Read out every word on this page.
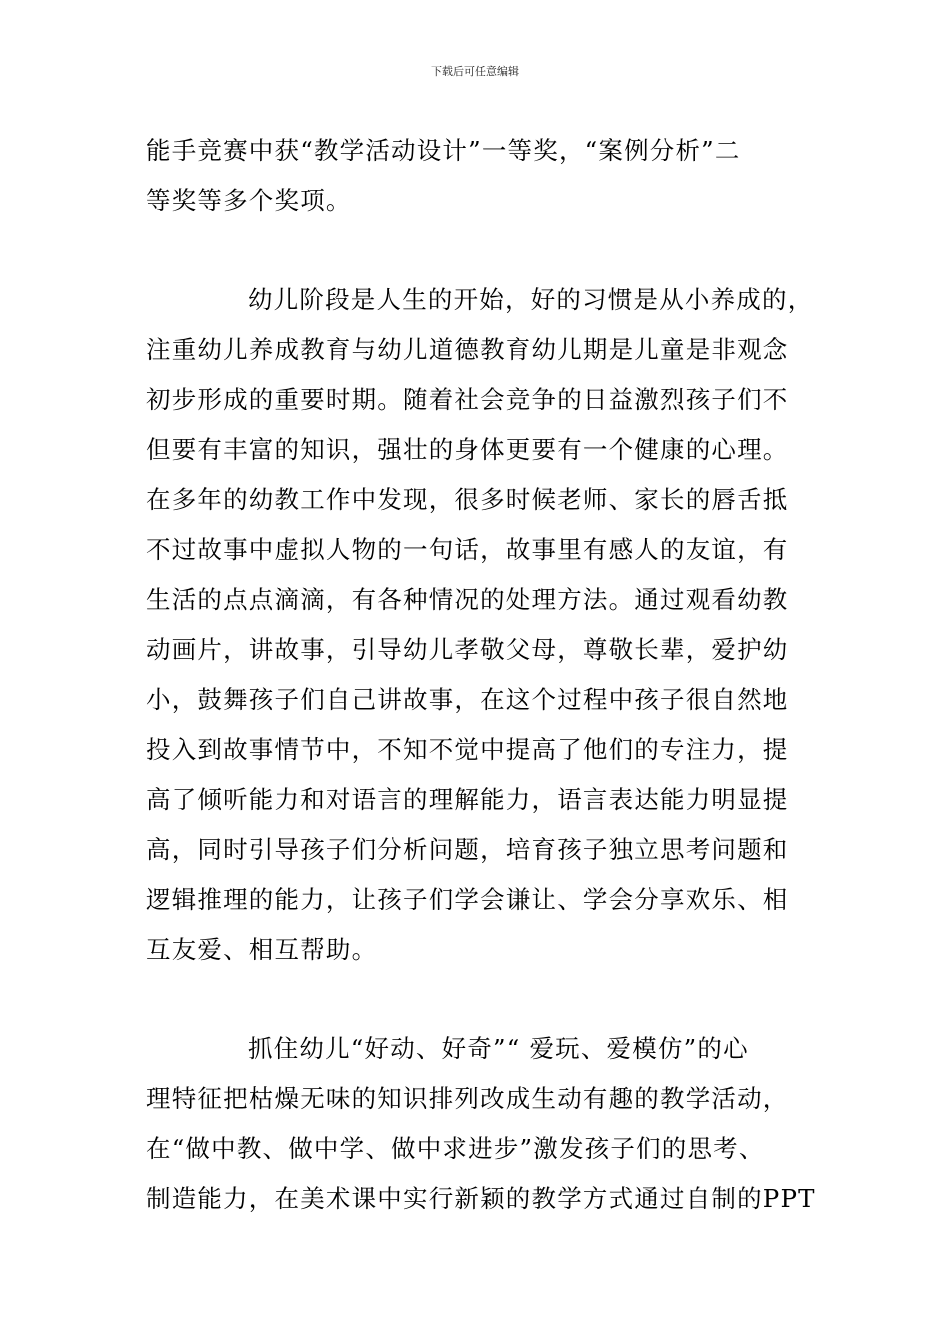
下载后可任意编辑
能手竞赛中获“教学活动设计”一等奖，“案例分析”二
等奖等多个奖项。
幼儿阶段是人生的开始，好的习惯是从小养成的，
注重幼儿养成教育与幼儿道德教育幼儿期是儿童是非观念
初步形成的重要时期。随着社会竞争的日益激烈孩子们不
但要有丰富的知识，强壮的身体更要有一个健康的心理。
在多年的幼教工作中发现，很多时候老师、家长的唇舌抵
不过故事中虚拟人物的一句话，故事里有感人的友谊，有
生活的点点滴滴，有各种情况的处理方法。通过观看幼教
动画片，讲故事，引导幼儿孝敬父母，尊敬长辈，爱护幼
小，鼓舞孩子们自己讲故事，在这个过程中孩子很自然地
投入到故事情节中，不知不觉中提高了他们的专注力，提
高了倾听能力和对语言的理解能力，语言表达能力明显提
高，同时引导孩子们分析问题，培育孩子独立思考问题和
逻辑推理的能力，让孩子们学会谦让、学会分享欢乐、相
互友爱、相互帮助。
抓住幼儿“好动、好奇”“ 爱玩、爱模仿”的心
理特征把枯燥无味的知识排列改成生动有趣的教学活动，
在“做中教、做中学、做中求进步”激发孩子们的思考、
制造能力，在美术课中实行新颖的教学方式通过自制的PPT
